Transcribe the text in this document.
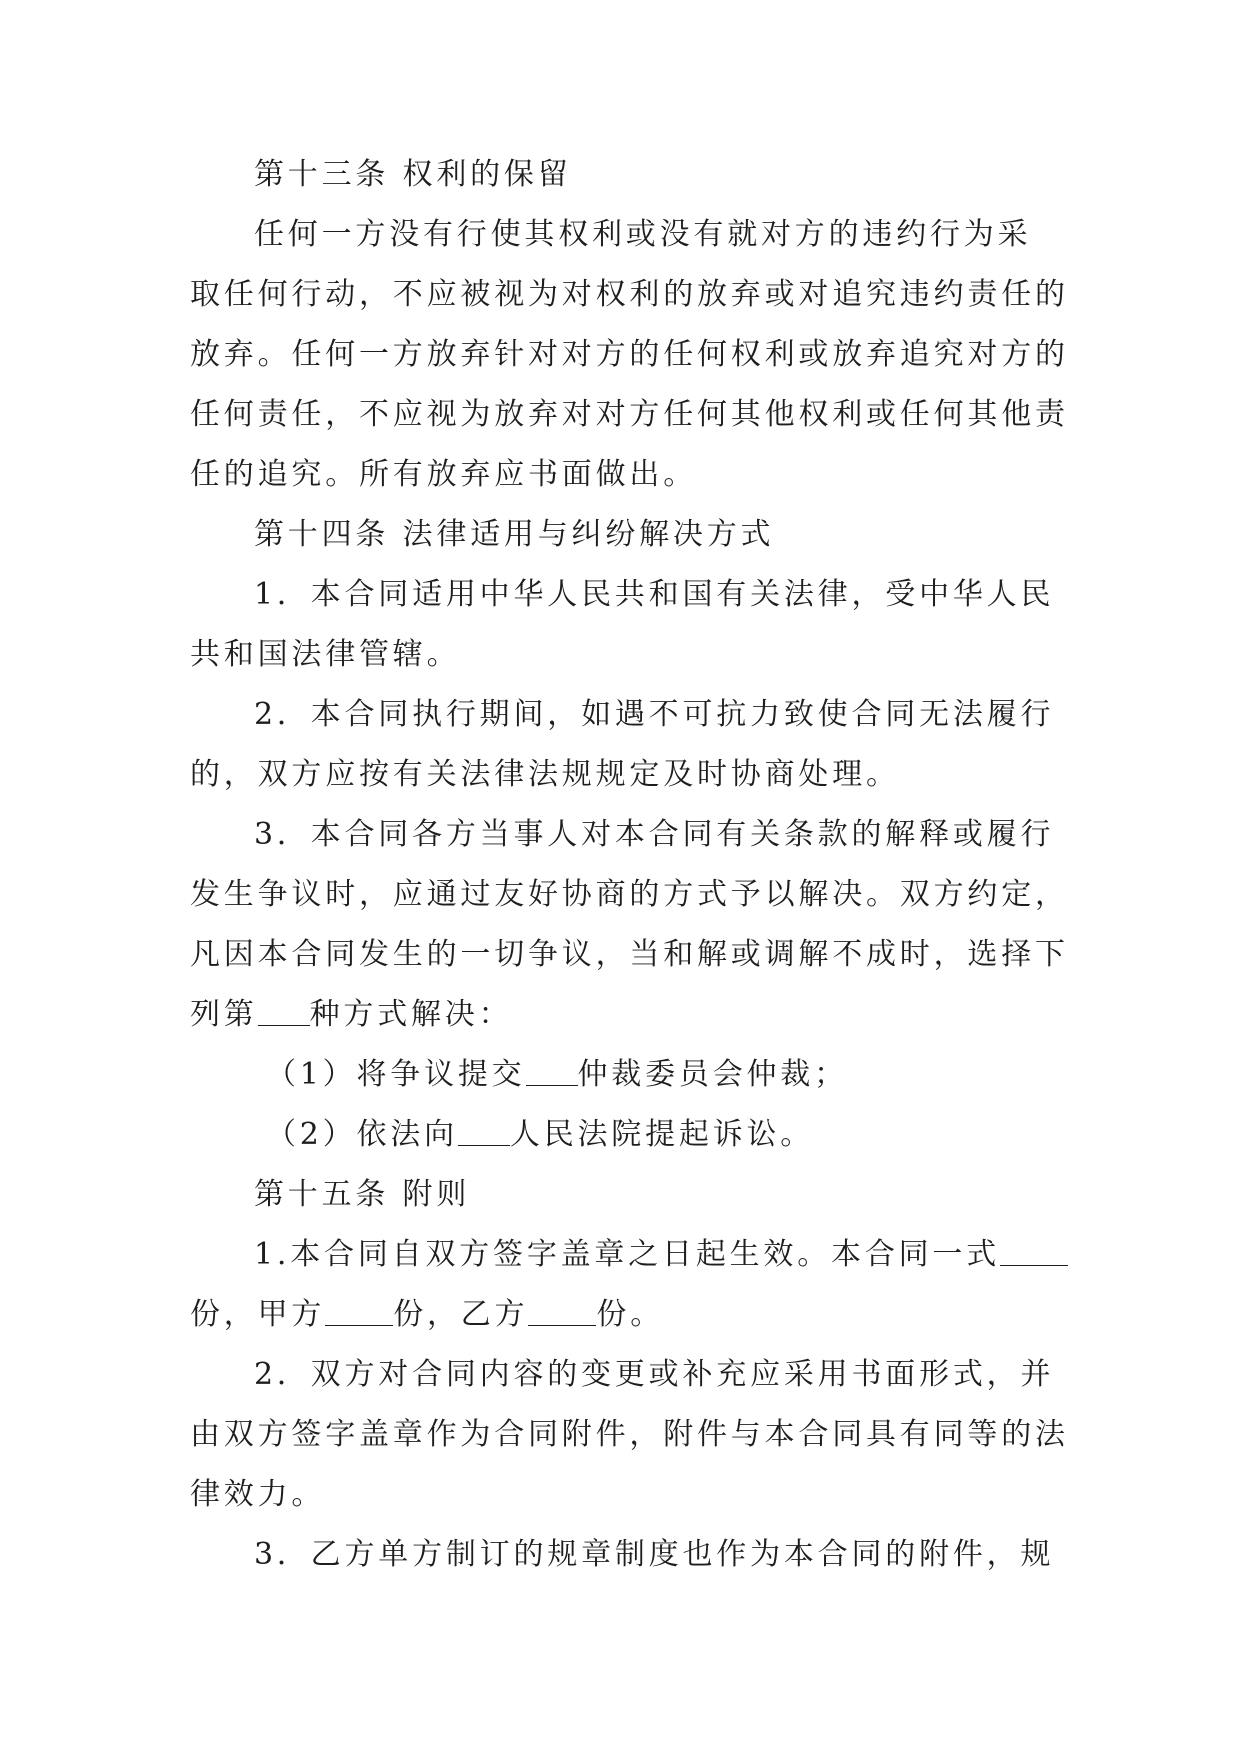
第十三条 权利的保留
任何一方没有行使其权利或没有就对方的违约行为采
取任何行动，不应被视为对权利的放弃或对追究违约责任的
放弃。任何一方放弃针对对方的任何权利或放弃追究对方的
任何责任，不应视为放弃对对方任何其他权利或任何其他责
任的追究。所有放弃应书面做出。
第十四条 法律适用与纠纷解决方式
1．本合同适用中华人民共和国有关法律，受中华人民
共和国法律管辖。
2．本合同执行期间，如遇不可抗力致使合同无法履行
的，双方应按有关法律法规规定及时协商处理。
3．本合同各方当事人对本合同有关条款的解释或履行
发生争议时，应通过友好协商的方式予以解决。双方约定，
凡因本合同发生的一切争议，当和解或调解不成时，选择下
列第 种方式解决：
（1）将争议提交 仲裁委员会仲裁；
（2）依法向 人民法院提起诉讼。
第十五条 附则
1.本合同自双方签字盖章之日起生效。本合同一式
份，甲方 份，乙方 份。
2．双方对合同内容的变更或补充应采用书面形式，并
由双方签字盖章作为合同附件，附件与本合同具有同等的法
律效力。
3．乙方单方制订的规章制度也作为本合同的附件，规
